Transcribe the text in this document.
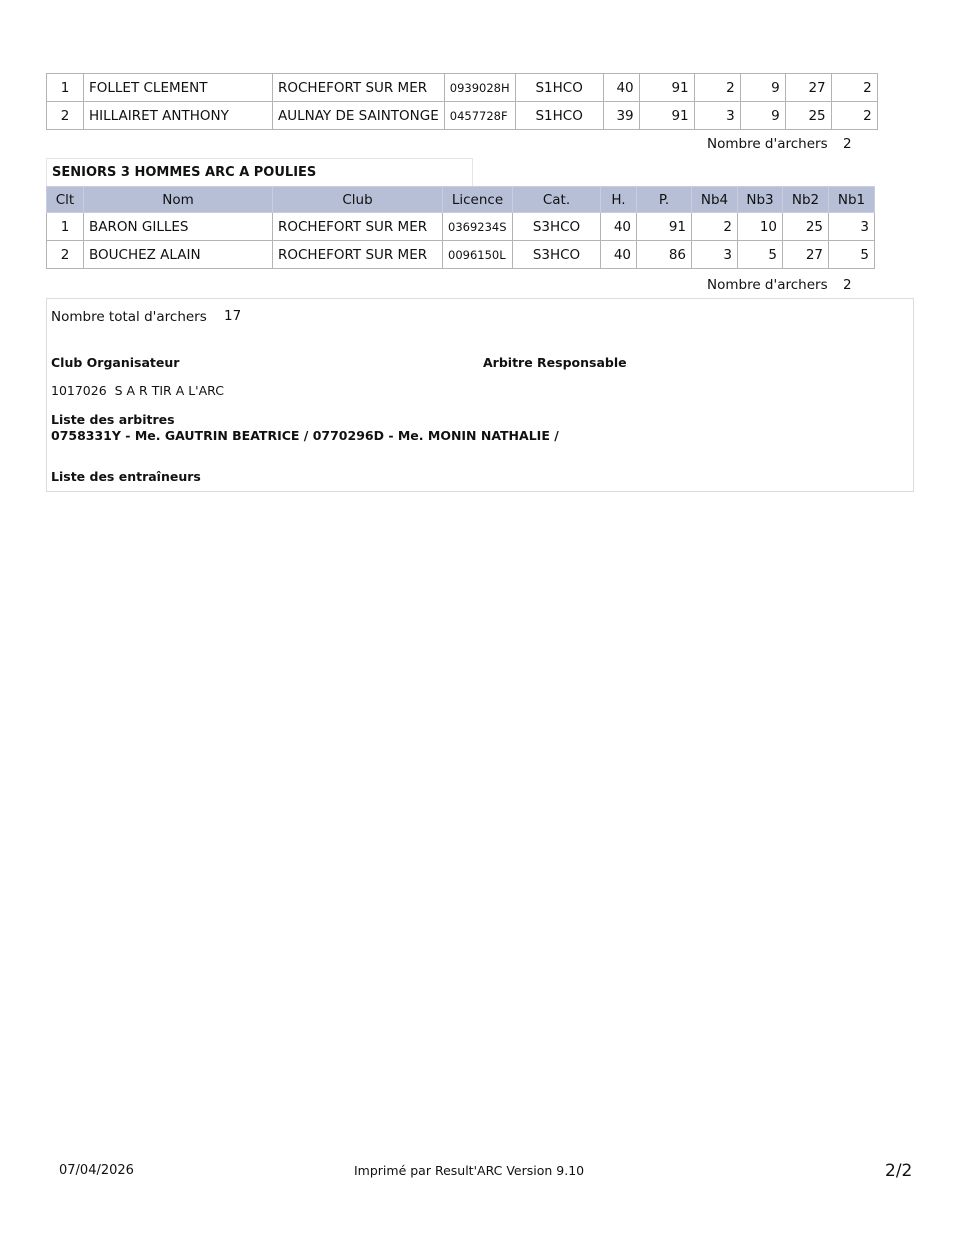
1	FOLLET CLEMENT	ROCHEFORT SUR MER	0939028H	S1HCO	40	91	2	9	27	2
2	HILLAIRET ANTHONY	AULNAY DE SAINTONGE	0457728F	S1HCO	39	91	3	9	25	2
Nombre d'archers 2
SENIORS 3 HOMMES ARC A POULIES
Clt	Nom	Club	Licence	Cat.	H.	P.	Nb4	Nb3	Nb2	Nb1
1	BARON GILLES	ROCHEFORT SUR MER	0369234S	S3HCO	40	91	2	10	25	3
2	BOUCHEZ ALAIN	ROCHEFORT SUR MER	0096150L	S3HCO	40	86	3	5	27	5
Nombre d'archers 2
Nombre total d'archers 17
Club Organisateur	Arbitre Responsable
1017026  S A R TIR A L'ARC
Liste des arbitres
0758331Y - Me. GAUTRIN BEATRICE / 0770296D - Me. MONIN NATHALIE /
Liste des entraîneurs
07/04/2026	Imprimé par Result'ARC Version 9.10	2/2
